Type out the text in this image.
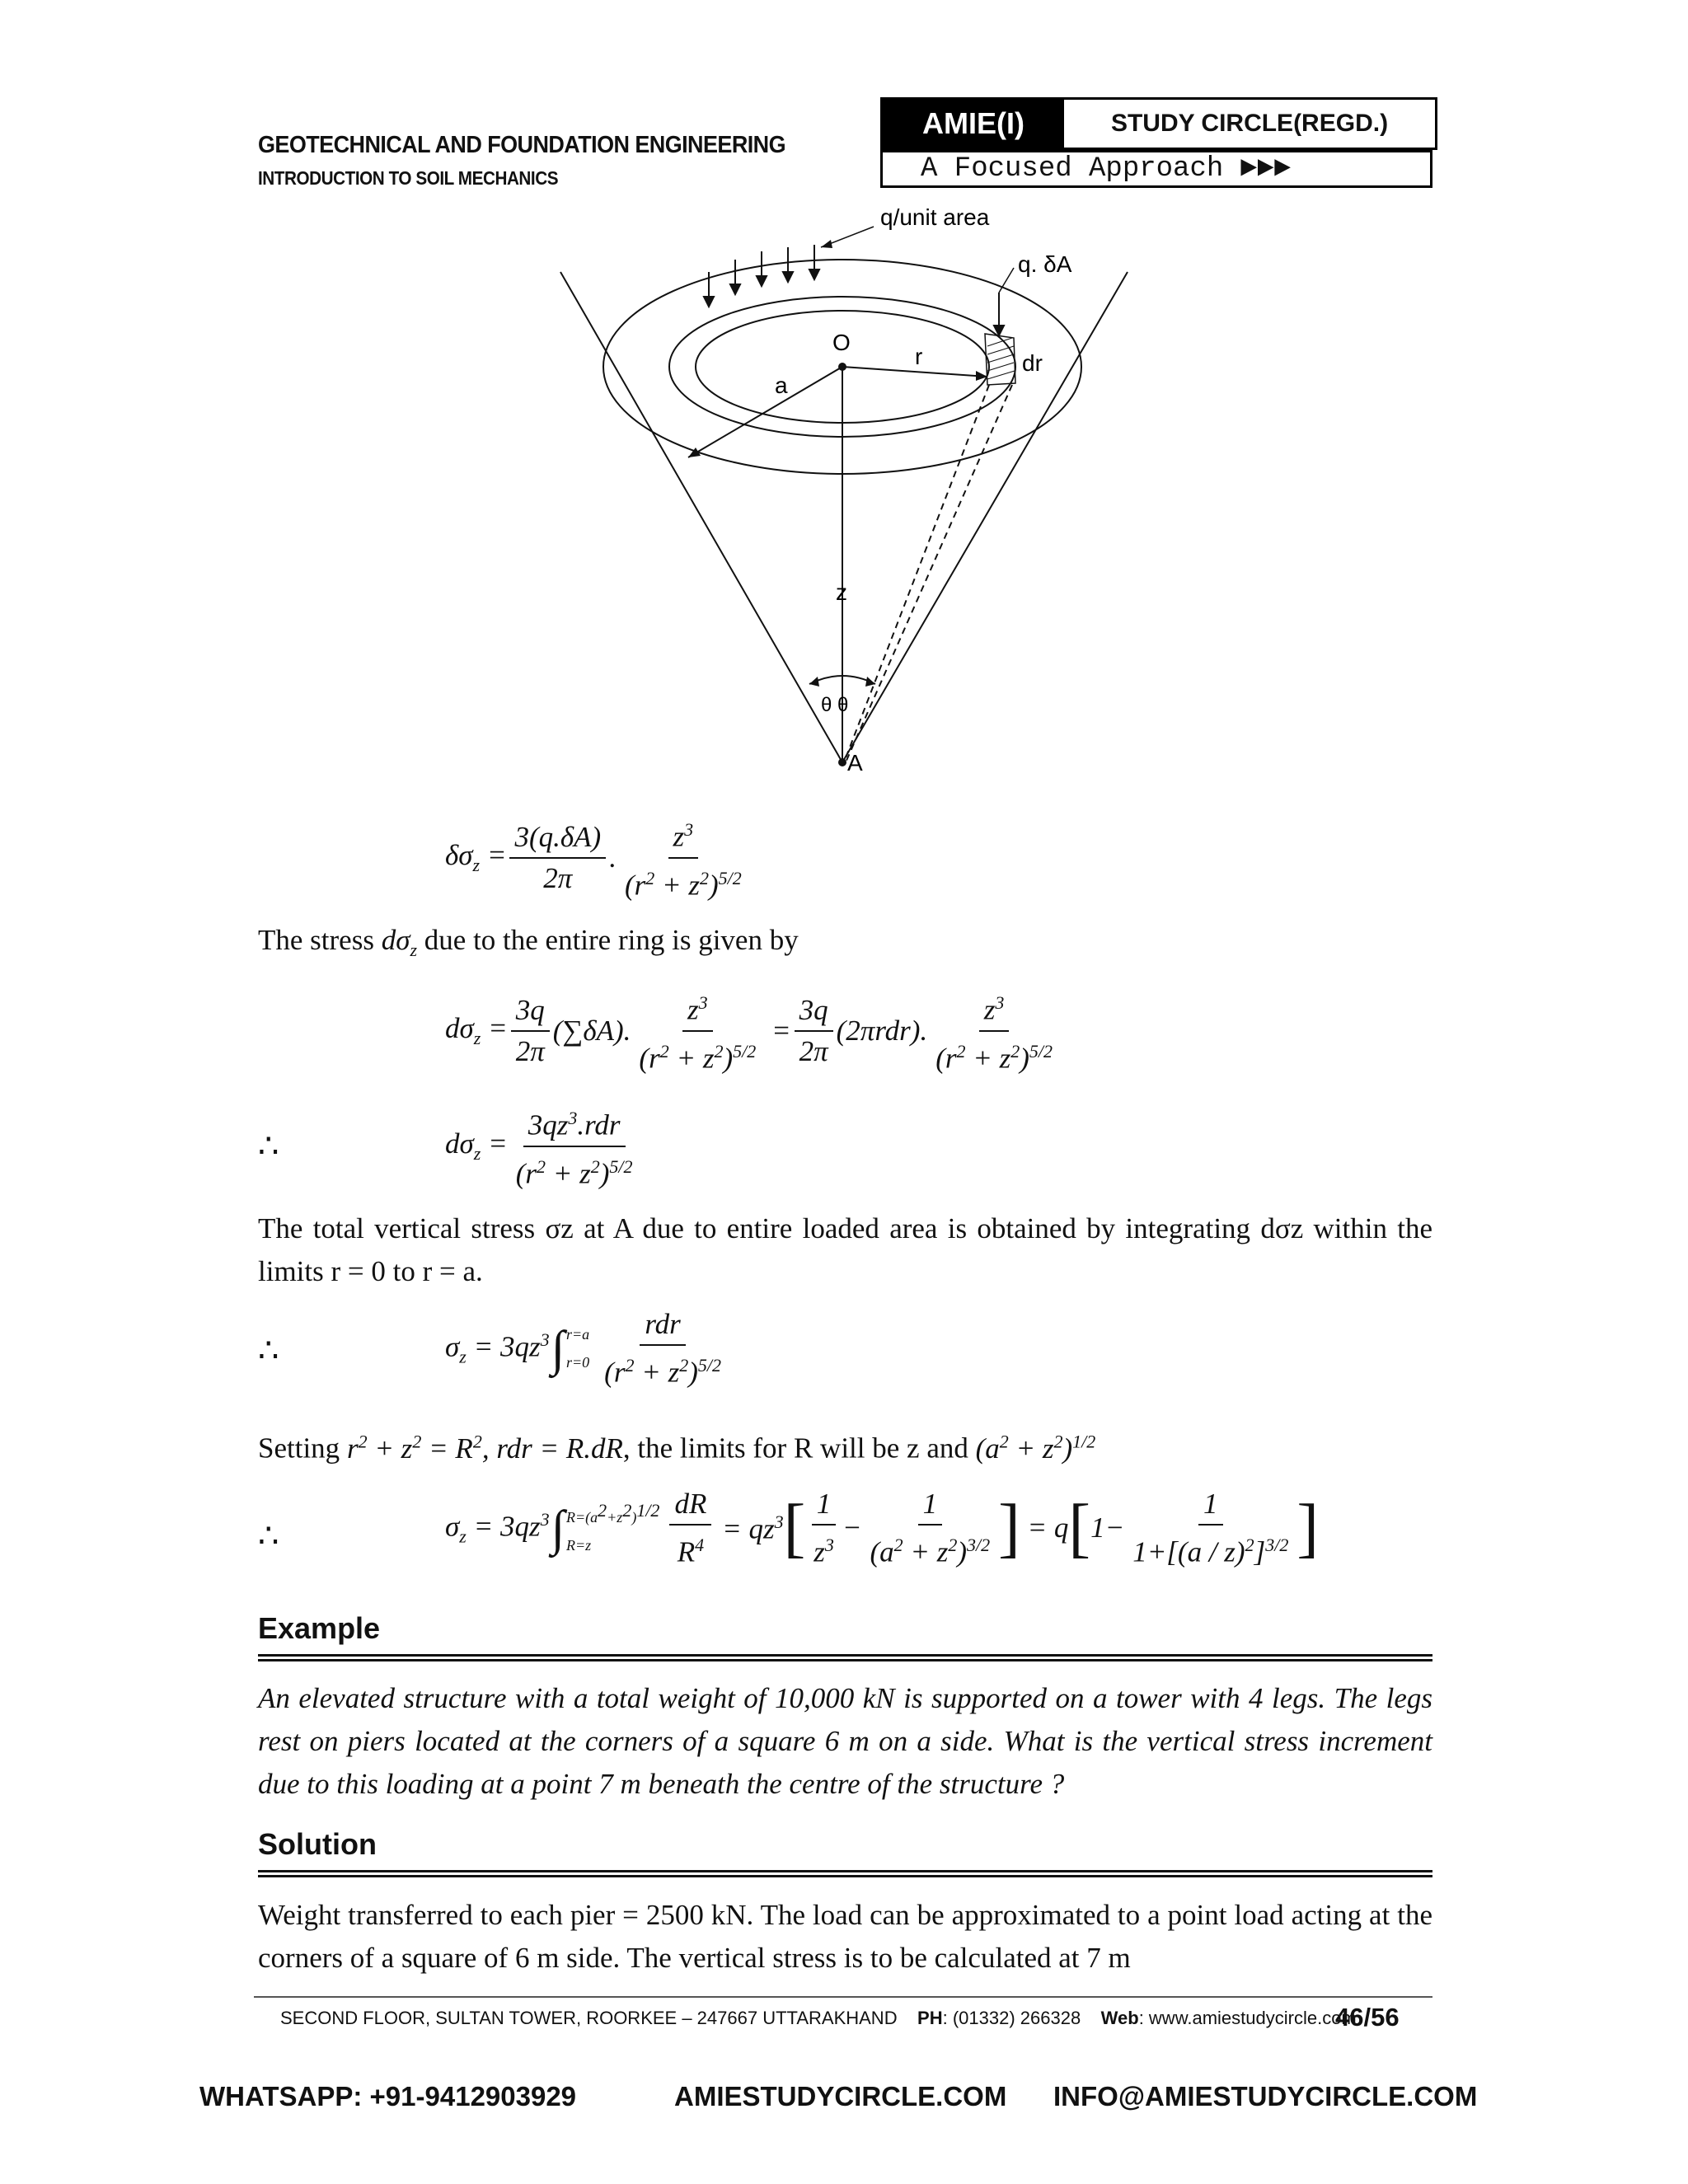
GEOTECHNICAL AND FOUNDATION ENGINEERING
INTRODUCTION TO SOIL MECHANICS
AMIE(I)	STUDY CIRCLE(REGD.)
A Focused Approach ►►►
q/unit area
q. δA
O
r	dr
a
z
θ θ
A
$\delta\sigma_z = \frac{3(q.\delta A)}{2\pi}$ . $\frac{z^3}{(r^2 + z^2)^{5/2}}$
The stress $d\sigma_z$ due to the entire ring is given by
$d\sigma_z = \frac{3q}{2\pi} (\sum\delta A)$. $\frac{z^3}{(r^2 + z^2)^{5/2}} = \frac{3q}{2\pi} (2\pi rdr)$. $\frac{z^3}{(r^2 + z^2)^{5/2}}$
∴	$d\sigma_z = \frac{3qz^3.rdr}{(r^2 + z^2)^{5/2}}$
The total vertical stress σz at A due to entire loaded area is obtained by integrating dσz within the limits r = 0 to r = a.
∴	$\sigma_z = 3qz^3$ ∫ r=a
$r=0 \frac{\text{rdr}}{(r^2 + z^2)^{5/2}}$
Setting $r^2 + z^2 = R^2$, rdr = R.dR, the limits for R will be z and $(a^2 + z^2)^{1/2}$
∴	$\sigma_z = 3qz^3$ ∫ $R=(a^2+z^2)^{1/2}$
R=z	$\frac{dR}{R^4} = qz^3$ [ $\frac{1}{z^3} - \frac{1}{(a^2 + z^2)^{3/2}}$ ] = q [ $1- \frac{1}{1+[(a / z)^2]^{3/2}}$ ]
Example
An elevated structure with a total weight of 10,000 kN is supported on a tower with 4 legs. The legs rest on piers located at the corners of a square 6 m on a side. What is the vertical stress increment due to this loading at a point 7 m beneath the centre of the structure ?
Solution
Weight transferred to each pier = 2500 kN. The load can be approximated to a point load acting at the corners of a square of 6 m side. The vertical stress is to be calculated at 7 m
SECOND FLOOR, SULTAN TOWER, ROORKEE – 247667 UTTARAKHAND PH: (01332) 266328 Web: www.amiestudycircle.com
46/56
WHATSAPP: +91-9412903929	AMIESTUDYCIRCLE.COM INFO@AMIESTUDYCIRCLE.COM
